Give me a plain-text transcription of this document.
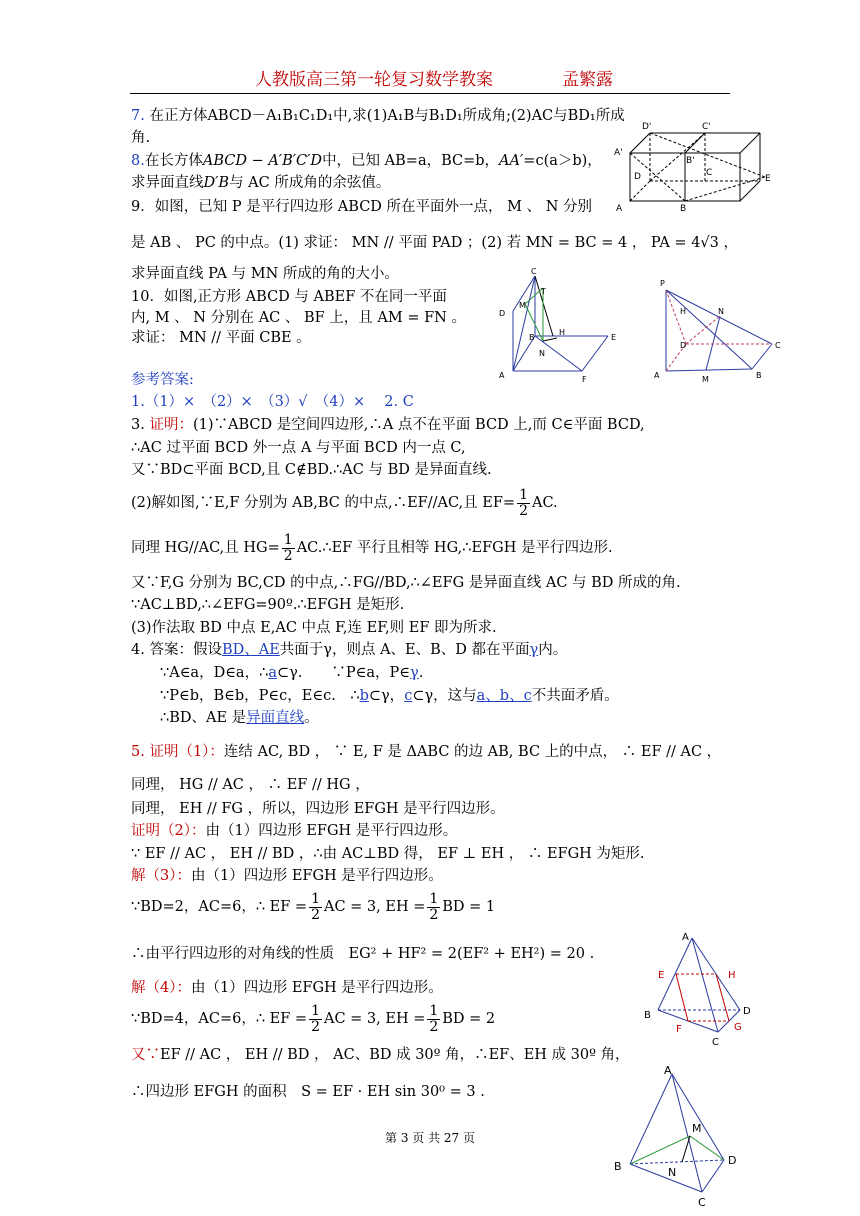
人教版高三第一轮复习数学教案	孟繁露
7. 在正方体ABCD－A₁B₁C₁D₁中,求(1)A₁B与B₁D₁所成角;(2)AC与BD₁所成
角.
8.在长方体ABCD − A′B′C′D中，已知 AB=a，BC=b，AA′=c(a＞b)，
求异面直线D′B与 AC 所成角的余弦值。
9．如图，已知 P 是平行四边形 ABCD 所在平面外一点， M 、 N 分别
是 AB 、 PC 的中点。(1) 求证： MN // 平面 PAD ；(2) 若 MN = BC = 4 ， PA = 4√3 ，
求异面直线 PA 与 MN 所成的角的大小。
10．如图,正方形 ABCD 与 ABEF 不在同一平面
内, M 、 N 分别在 AC 、 BF 上，且 AM = FN 。
求证： MN // 平面 CBE 。
参考答案:
1.（1）×　（2）×　（3）√　（4）×　 2. C
3. 证明：(1)∵ABCD 是空间四边形,∴A 点不在平面 BCD 上,而 C∈平面 BCD,
∴AC 过平面 BCD 外一点 A 与平面 BCD 内一点 C,
又∵BD⊂平面 BCD,且 C∉BD.∴AC 与 BD 是异面直线.
(2)解如图,∵E,F 分别为 AB,BC 的中点,∴EF//AC,且 $EF= \frac{1}{2}$ AC.
同理 HG//AC,且 $HG= \frac{1}{2}$ AC.∴EF 平行且相等 HG,∴EFGH 是平行四边形.
又∵F,G 分别为 BC,CD 的中点,∴FG//BD,∴∠EFG 是异面直线 AC 与 BD 所成的角.
∵AC⊥BD,∴∠EFG=90º.∴EFGH 是矩形.
(3)作法取 BD 中点 E,AC 中点 F,连 EF,则 EF 即为所求.
4. 答案：假设BD、AE共面于γ，则点 A、E、B、D 都在平面γ内。
∵A∈a，D∈a，∴a⊂γ.　　∵P∈a，P∈γ.
∵P∈b，B∈b，P∈c，E∈c.　∴b⊂γ，c⊂γ，这与a、b、c不共面矛盾。
∴BD、AE 是异面直线。
5. 证明（1）：连结 AC, BD ， ∵ E, F 是 ΔABC 的边 AB, BC 上的中点， ∴ EF // AC ，
同理， HG // AC ， ∴ EF // HG ，
同理， EH // FG ，所以，四边形 EFGH 是平行四边形。
证明（2）：由（1）四边形 EFGH 是平行四边形。
∵ EF // AC ， EH // BD ，∴由 AC⊥BD 得， EF ⊥ EH ， ∴ EFGH 为矩形.
解（3）：由（1）四边形 EFGH 是平行四边形。
∵BD=2，AC=6，∴ EF = $\frac{1}{2}$ AC = 3, EH = $\frac{1}{2}$ BD = 1
∴由平行四边形的对角线的性质　EG² + HF² = 2(EF² + EH²) = 20 .
解（4）：由（1）四边形 EFGH 是平行四边形。
∵BD=4，AC=6，∴ EF = $\frac{1}{2}$ AC = 3, EH = $\frac{1}{2}$ BD = 2
又∵EF // AC ， EH // BD ， AC、BD 成 30º 角，∴EF、EH 成 30º 角，
∴四边形 EFGH 的面积　S = EF · EH sin 30⁰ = 3 .
第 3 页 共 27 页
D'	C'
A'
B'
D	C
A	B
E
C
D
M
T
B
H
N
E
A	F
P
H	N
D	C
A	M	B
A
E	H
B	D
F	G
C
A
M
B	N
D
C
